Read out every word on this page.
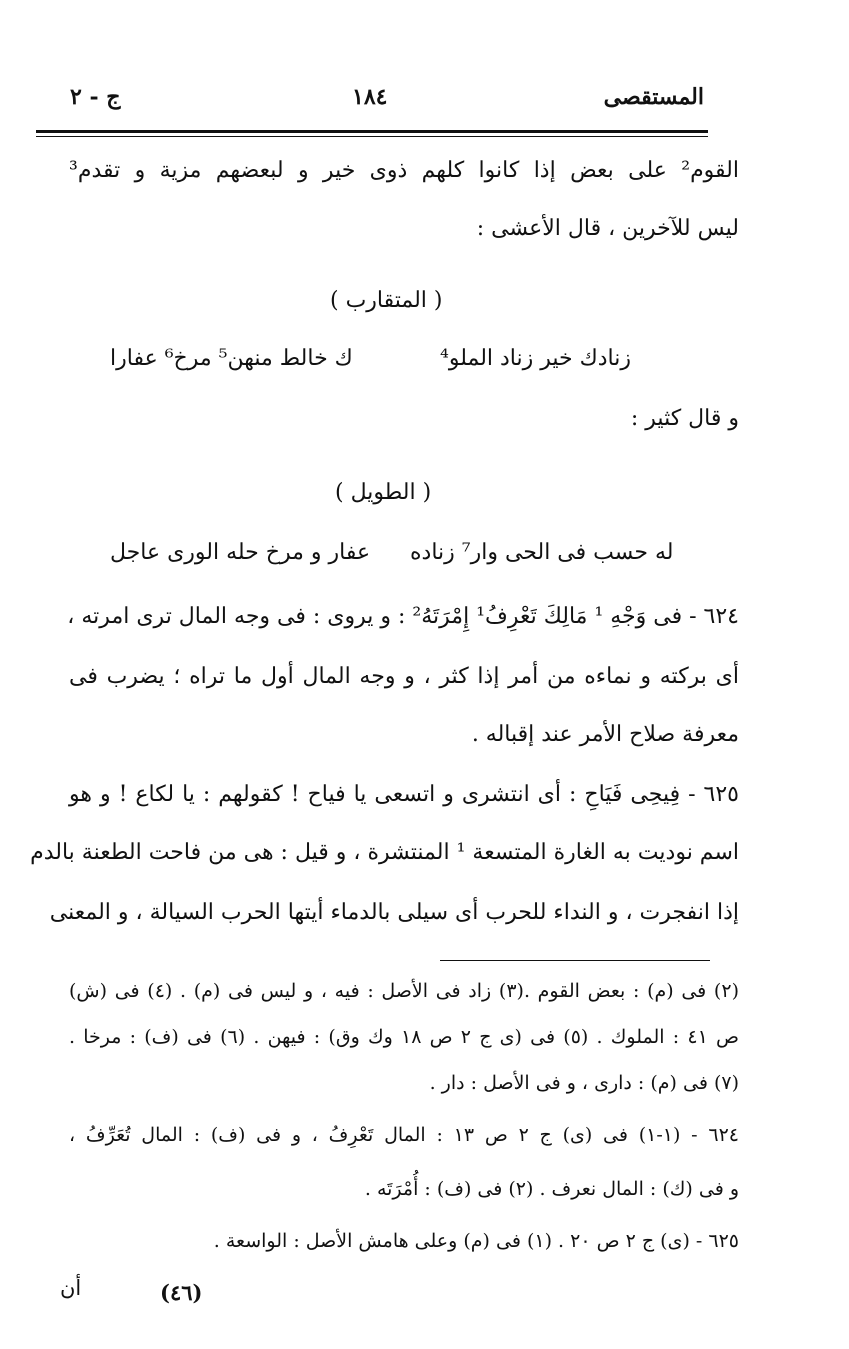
المستقصى
١٨٤
ج - ٢
القوم² على بعض إذا كانوا كلهم ذوى خير و لبعضهم مزية و تقدم³
ليس للآخرين ، قال الأعشى :
( المتقارب )
زنادك خير زناد الملو⁴
ك خالط منهن⁵ مرخ⁶ عفارا
و قال كثير :
( الطويل )
له حسب فى الحى وار⁷ زناده
عفار و مرخ حله الورى عاجل
٦٢٤ - فى وَجْهِ ¹ مَالِكَ تَعْرِفُ¹ إِمْرَتَهُ² : و يروى : فى وجه المال ترى امرته ،
أى بركته و نماءه من أمر إذا كثر ، و وجه المال أول ما تراه ؛ يضرب فى
معرفة صلاح الأمر عند إقباله .
٦٢٥ - فِيحِى فَيَاحِ : أى انتشرى و اتسعى يا فياح ! كقولهم : يا لكاع ! و هو
اسم نوديت به الغارة المتسعة ¹ المنتشرة ، و قيل : هى من فاحت الطعنة بالدم
إذا انفجرت ، و النداء للحرب أى سيلى بالدماء أيتها الحرب السيالة ، و المعنى
(٢) فى (م) : بعض القوم .(٣) زاد فى الأصل : فيه ، و ليس فى (م) . (٤) فى (ش)
ص ٤١ : الملوك . (٥) فى (ى ج ٢ ص ١٨ وك وق) : فيهن . (٦) فى (ف) : مرخا .
(٧) فى (م) : دارى ، و فى الأصل : دار .
٦٢٤ - (١-١) فى (ى) ج ٢ ص ١٣ : المال تَعْرِفُ ، و فى (ف) : المال تُعَرِّفُ ،
و فى (ك) : المال نعرف . (٢) فى (ف) : أُمْرَتَه .
٦٢٥ - (ى) ج ٢ ص ٢٠ . (١) فى (م) وعلى هامش الأصل : الواسعة .
(٤٦)
أن
